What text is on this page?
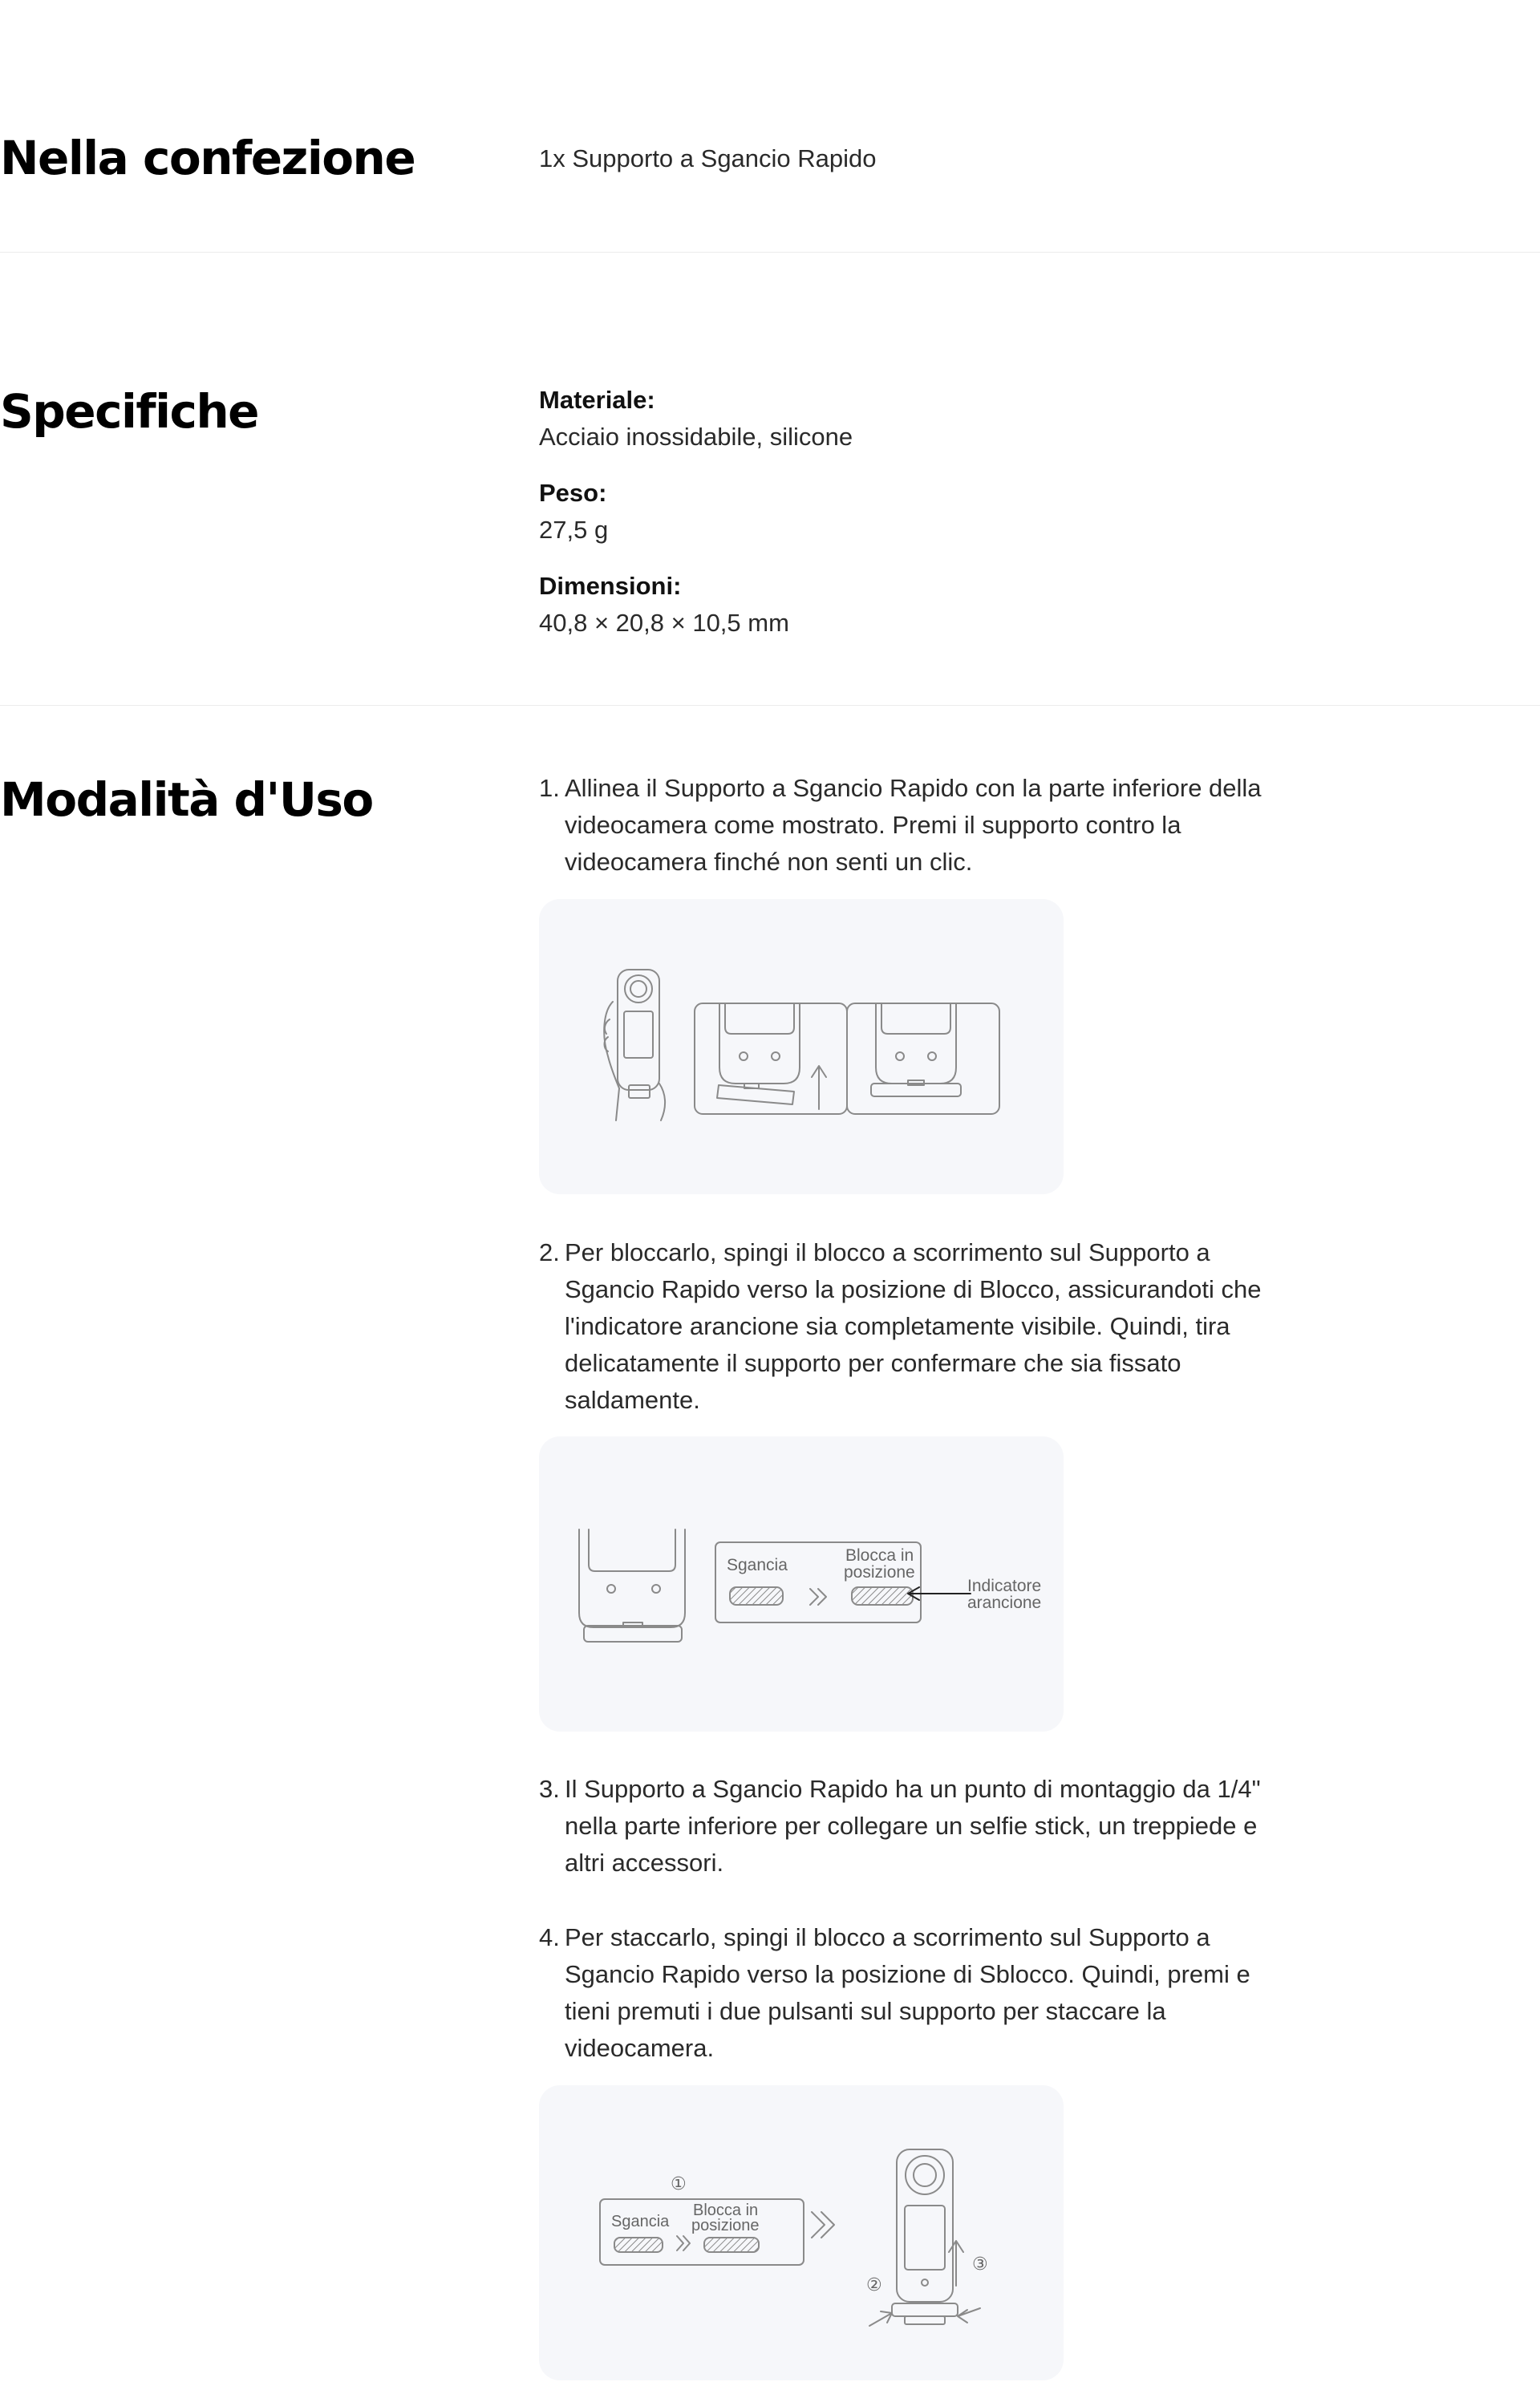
Nella confezione	1x Supporto a Sgancio Rapido

Specifiche	Materiale:

Acciaio inossidabile, silicone

Peso:

27,5 g

Dimensioni:

40,8 × 20,8 × 10,5 mm

Modalità d'Uso	1. Allinea il Supporto a Sgancio Rapido con la parte inferiore della videocamera come mostrato. Premi il supporto contro la videocamera finché non senti un clic.
2. Per bloccarlo, spingi il blocco a scorrimento sul Supporto a Sgancio Rapido verso la posizione di Blocco, assicurandoti che l'indicatore arancione sia completamente visibile. Quindi, tira delicatamente il supporto per confermare che sia fissato saldamente.
Sgancia
Blocca in
posizione
Indicatore
arancione
3. Il Supporto a Sgancio Rapido ha un punto di montaggio da 1/4" nella parte inferiore per collegare un selfie stick, un treppiede e altri accessori.
4. Per staccarlo, spingi il blocco a scorrimento sul Supporto a Sgancio Rapido verso la posizione di Sblocco. Quindi, premi e tieni premuti i due pulsanti sul supporto per staccare la videocamera.
①
Sgancia
Blocca in
posizione
③
②
